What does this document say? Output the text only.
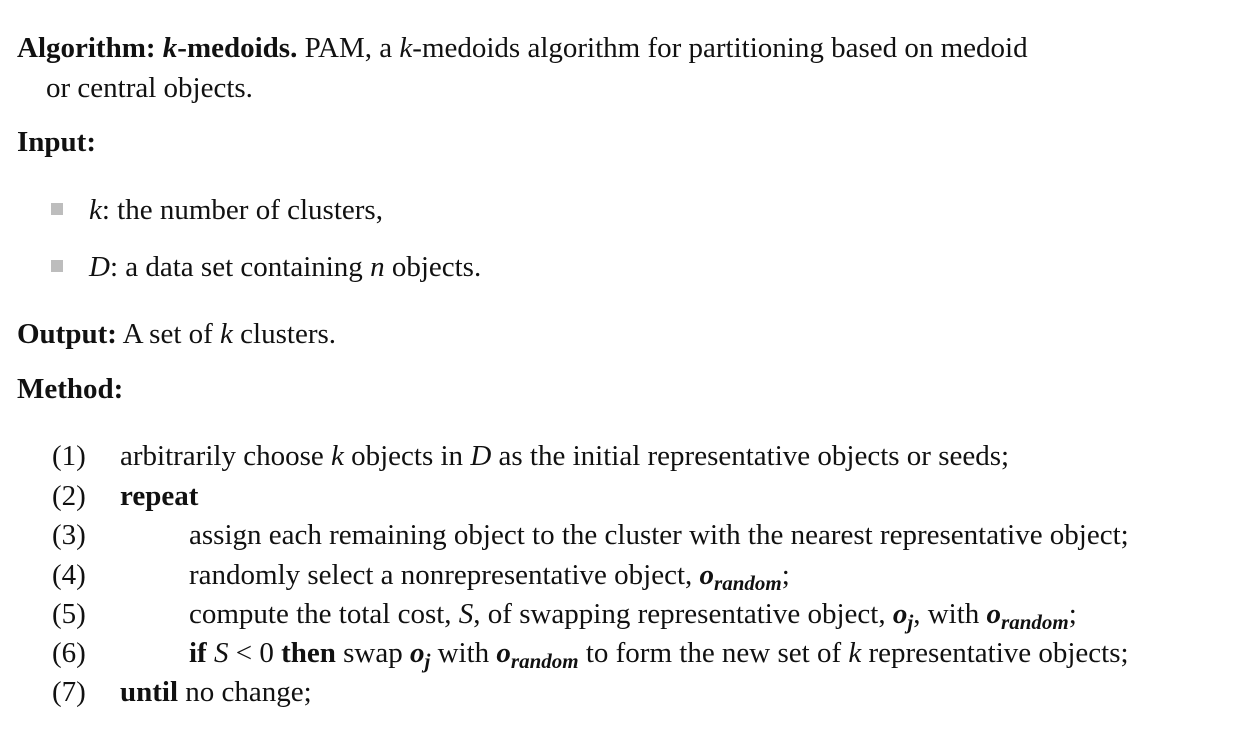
Algorithm: k-medoids. PAM, a k-medoids algorithm for partitioning based on medoid
or central objects.
Input:
k: the number of clusters,
D: a data set containing n objects.
Output: A set of k clusters.
Method:
(1) arbitrarily choose k objects in D as the initial representative objects or seeds;
(2) repeat
(3)	assign each remaining object to the cluster with the nearest representative object;
(4)	randomly select a nonrepresentative object, $o_{random}$;
(5)	compute the total cost, S, of swapping representative object, $o_j$, with $o_{random}$;
(6)	if S < 0 then swap $o_j$ with $o_{random}$ to form the new set of k representative objects;
(7) until no change;
